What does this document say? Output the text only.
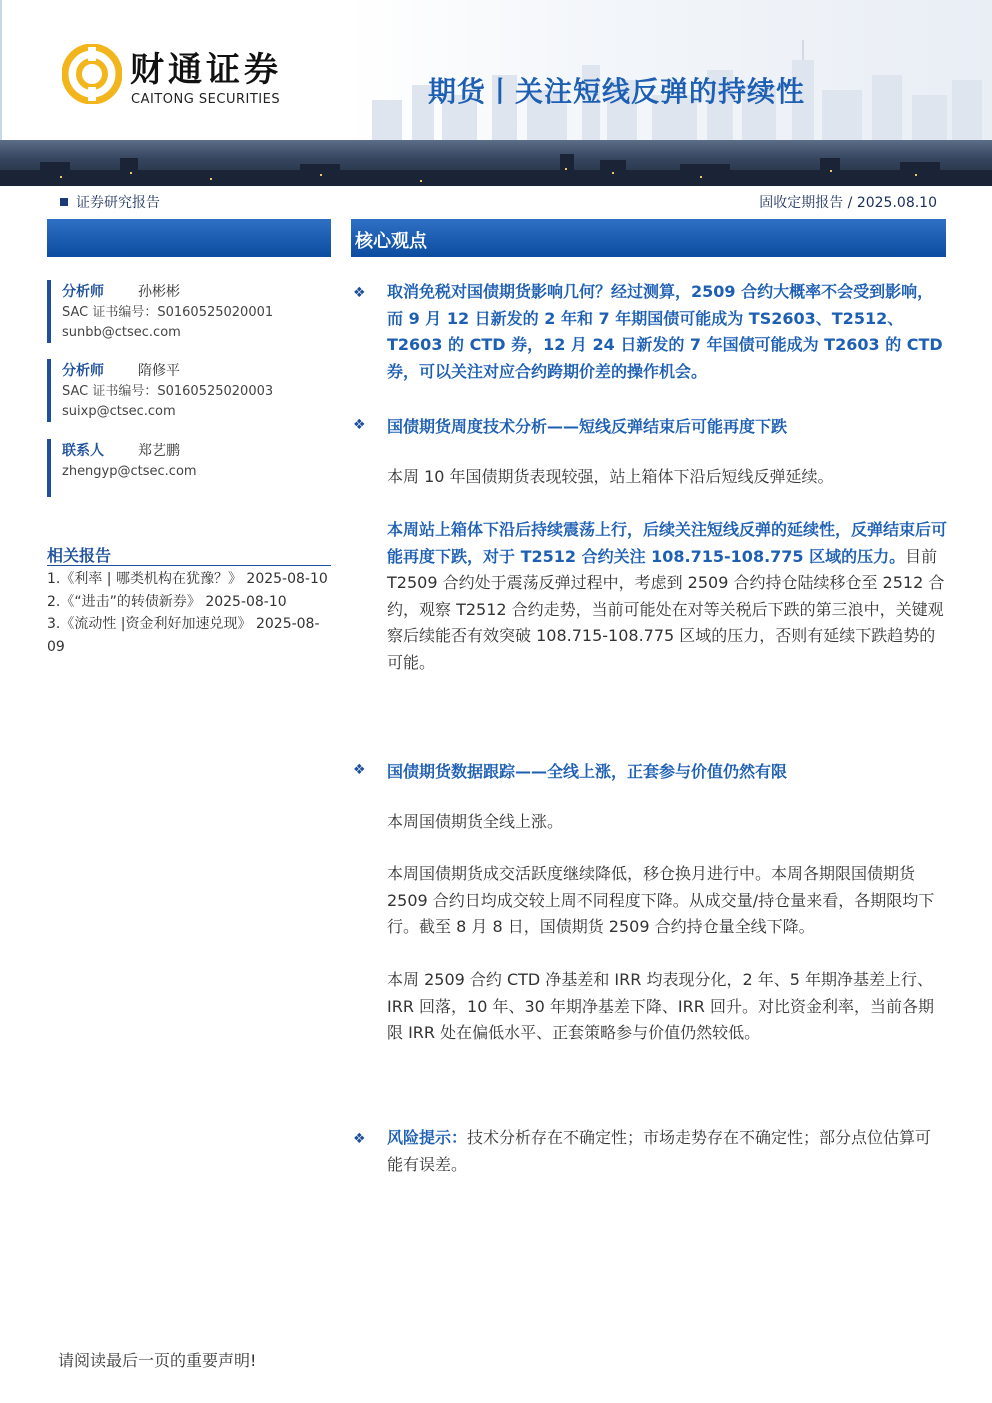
财通证券
CAITONG SECURITIES	期货丨关注短线反弹的持续性
证券研究报告	固收定期报告 / 2025.08.10
分析师 孙彬彬
SAC 证书编号：S0160525020001
sunbb@ctsec.com
分析师 隋修平
SAC 证书编号：S0160525020003
suixp@ctsec.com
联系人 郑艺鹏
zhengyp@ctsec.com
相关报告
1.《利率 | 哪类机构在犹豫？》 2025-08-10
2.《“进击”的转债新券》 2025-08-10
3.《流动性 |资金利好加速兑现》 2025-08-09
核心观点
❖ 取消免税对国债期货影响几何？经过测算，2509 合约大概率不会受到影响，而 9 月 12 日新发的 2 年和 7 年期国债可能成为 TS2603、T2512、T2603 的 CTD 券，12 月 24 日新发的 7 年国债可能成为 T2603 的 CTD 券，可以关注对应合约跨期价差的操作机会。

❖ 国债期货周度技术分析——短线反弹结束后可能再度下跌

本周 10 年国债期货表现较强，站上箱体下沿后短线反弹延续。

本周站上箱体下沿后持续震荡上行，后续关注短线反弹的延续性，反弹结束后可能再度下跌，对于 T2512 合约关注 108.715-108.775 区域的压力。目前 T2509 合约处于震荡反弹过程中，考虑到 2509 合约持仓陆续移仓至 2512 合约，观察 T2512 合约走势，当前可能处在对等关税后下跌的第三浪中，关键观察后续能否有效突破 108.715-108.775 区域的压力，否则有延续下跌趋势的可能。

❖ 国债期货数据跟踪——全线上涨，正套参与价值仍然有限

本周国债期货全线上涨。

本周国债期货成交活跃度继续降低，移仓换月进行中。本周各期限国债期货 2509 合约日均成交较上周不同程度下降。从成交量/持仓量来看，各期限均下行。截至 8 月 8 日，国债期货 2509 合约持仓量全线下降。

本周 2509 合约 CTD 净基差和 IRR 均表现分化，2 年、5 年期净基差上行、IRR 回落，10 年、30 年期净基差下降、IRR 回升。对比资金利率，当前各期限 IRR 处在偏低水平、正套策略参与价值仍然较低。

❖ 风险提示：技术分析存在不确定性；市场走势存在不确定性；部分点位估算可能有误差。

请阅读最后一页的重要声明!
